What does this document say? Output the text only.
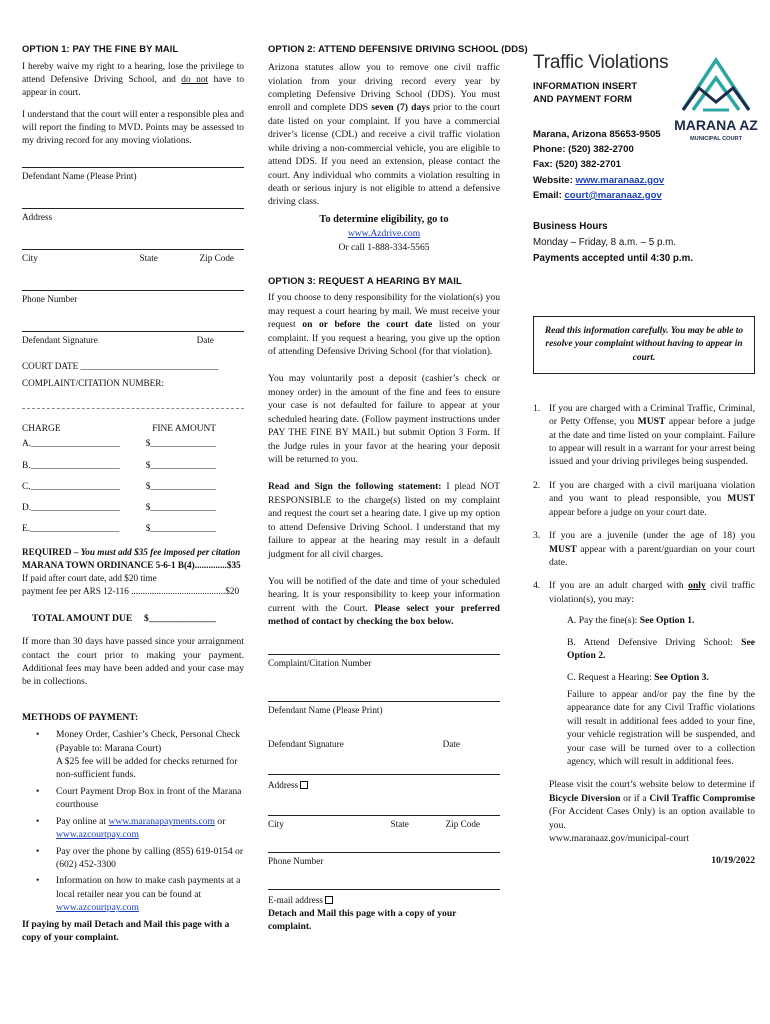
OPTION 1: PAY THE FINE BY MAIL

I hereby waive my right to a hearing, lose the privilege to attend Defensive Driving School, and do not have to appear in court.

I understand that the court will enter a responsible plea and will report the finding to MVD. Points may be assessed to my driving record for any moving violations.

Defendant Name (Please Print)
Address
City	State	Zip Code
Phone Number
Defendant Signature	Date
COURT DATE ______________________________
COMPLAINT/CITATION NUMBER:
CHARGE	FINE AMOUNT
A.___________________	$______________
B.___________________	$______________
C.___________________	$______________
D.___________________	$______________
E.___________________	$______________
REQUIRED – You must add $35 fee imposed per citation
MARANA TOWN ORDINANCE 5-6-1 B(4)..............$35
If paid after court date, add $20 time
payment fee per ARS 12-116 .........................................$20
TOTAL AMOUNT DUE $______________

If more than 30 days have passed since your arraignment contact the court prior to making your payment. Additional fees may have been added and your case may be in collections.

METHODS OF PAYMENT:
• Money Order, Cashier’s Check, Personal Check (Payable to: Marana Court)
A $25 fee will be added for checks returned for non-sufficient funds.
• Court Payment Drop Box in front of the Marana courthouse
• Pay online at www.maranapayments.com or
www.azcourtpay.com
• Pay over the phone by calling (855) 619-0154 or (602) 452-3300
• Information on how to make cash payments at a local retailer near you can be found at
www.azcourtpay.com
If paying by mail Detach and Mail this page with a copy of your complaint.
OPTION 2: ATTEND DEFENSIVE DRIVING SCHOOL (DDS)

Arizona statutes allow you to remove one civil traffic violation from your driving record every year by completing Defensive Driving School (DDS). You must enroll and complete DDS seven (7) days prior to the court date listed on your complaint. If you have a commercial driver’s license (CDL) and receive a civil traffic violation while driving a non-commercial vehicle, you are eligible to attend DDS. If you need an extension, please contact the court. Any individual who commits a violation resulting in death or serious injury is not eligible to attend a defensive driving class.

To determine eligibility, go to
www.Azdrive.com
Or call 1-888-334-5565
OPTION 3: REQUEST A HEARING BY MAIL

If you choose to deny responsibility for the violation(s) you may request a court hearing by mail. We must receive your request on or before the court date listed on your complaint. If you request a hearing, you give up the option of attending Defensive Driving School (for that violation).

You may voluntarily post a deposit (cashier’s check or money order) in the amount of the fine and fees to ensure your case is not defaulted for failure to appear at your scheduled hearing date. (Follow payment instructions under PAY THE FINE BY MAIL) but submit Option 3 Form. If the Judge rules in your favor at the hearing your deposit will be returned to you.

Read and Sign the following statement: I plead NOT RESPONSIBLE to the charge(s) listed on my complaint and request the court set a hearing date. I give up my option to attend Defensive Driving School. I understand that my failure to appear at the hearing may result in a default judgment for all civil charges.

You will be notified of the date and time of your scheduled hearing. It is your responsibility to keep your information current with the Court. Please select your preferred method of contact by checking the box below.

Complaint/Citation Number
Defendant Name (Please Print)
Defendant Signature	Date
Address
City	State	Zip Code
Phone Number
E-mail address
Detach and Mail this page with a copy of your complaint.
Traffic Violations
INFORMATION INSERT AND PAYMENT FORM
MARANA AZ
MUNICIPAL COURT
Marana, Arizona 85653-9505
Phone: (520) 382-2700
Fax: (520) 382-2701
Website: www.maranaaz.gov
Email: court@maranaaz.gov
Business Hours
Monday – Friday, 8 a.m. – 5 p.m.
Payments accepted until 4:30 p.m.
Read this information carefully. You may be able to resolve your complaint without having to appear in court.
1. If you are charged with a Criminal Traffic, Criminal, or Petty Offense, you MUST appear before a judge at the date and time listed on your complaint. Failure to appear will result in a warrant for your arrest being issued and your driving privileges being suspended.
2. If you are charged with a civil marijuana violation and you want to plead responsible, you MUST appear before a judge on your court date.
3. If you are a juvenile (under the age of 18) you MUST appear with a parent/guardian on your court date.
4. If you are an adult charged with only civil traffic violation(s), you may:
A. Pay the fine(s): See Option 1.
B. Attend Defensive Driving School: See Option 2.
C. Request a Hearing: See Option 3.
Failure to appear and/or pay the fine by the appearance date for any Civil Traffic violations will result in additional fees added to your fine, your vehicle registration will be suspended, and your case will be turned over to a collection agency, which will result in additional fees.

Please visit the court’s website below to determine if Bicycle Diversion or if a Civil Traffic Compromise (For Accident Cases Only) is an option available to you.
www.maranaaz.gov/municipal-court

10/19/2022
